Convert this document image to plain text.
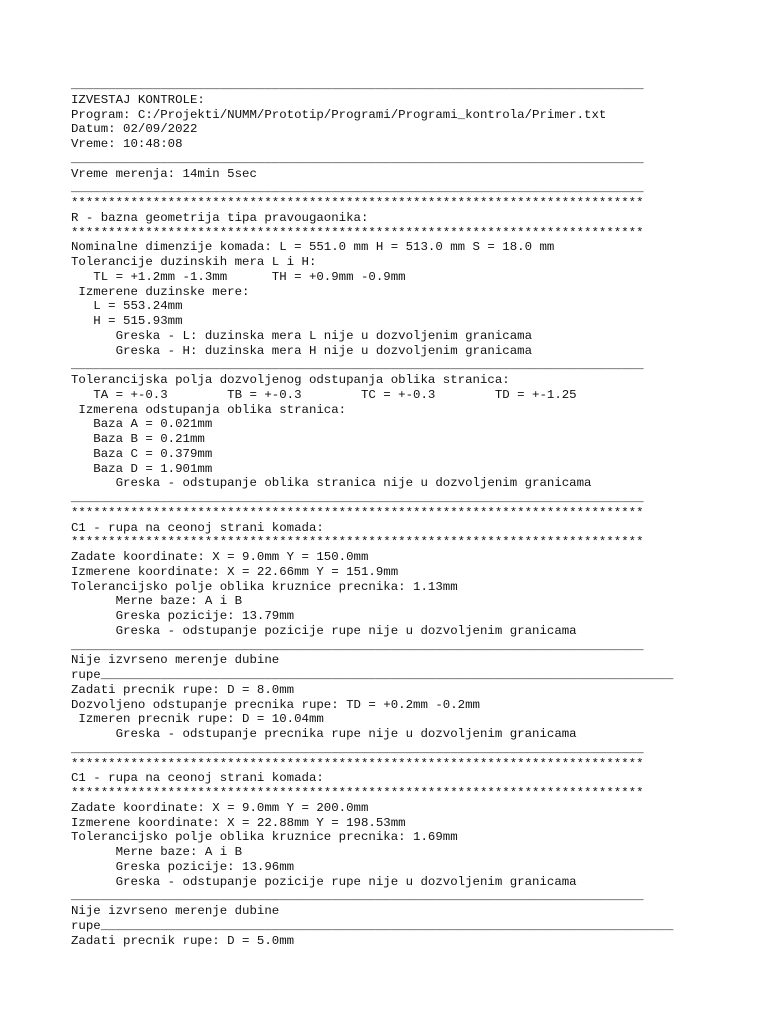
_____________________________________________________________________________
IZVESTAJ KONTROLE:
Program: C:/Projekti/NUMM/Prototip/Programi/Programi_kontrola/Primer.txt
Datum: 02/09/2022
Vreme: 10:48:08
_____________________________________________________________________________
Vreme merenja: 14min 5sec
_____________________________________________________________________________
*****************************************************************************
R - bazna geometrija tipa pravougaonika:
*****************************************************************************
Nominalne dimenzije komada: L = 551.0 mm H = 513.0 mm S = 18.0 mm
Tolerancije duzinskih mera L i H:
TL = +1.2mm -1.3mm      TH = +0.9mm -0.9mm
Izmerene duzinske mere:
L = 553.24mm
H = 515.93mm
Greska - L: duzinska mera L nije u dozvoljenim granicama
Greska - H: duzinska mera H nije u dozvoljenim granicama
_____________________________________________________________________________
Tolerancijska polja dozvoljenog odstupanja oblika stranica:
TA = +-0.3        TB = +-0.3        TC = +-0.3        TD = +-1.25
Izmerena odstupanja oblika stranica:
Baza A = 0.021mm
Baza B = 0.21mm
Baza C = 0.379mm
Baza D = 1.901mm
Greska - odstupanje oblika stranica nije u dozvoljenim granicama
_____________________________________________________________________________
*****************************************************************************
C1 - rupa na ceonoj strani komada:
*****************************************************************************
Zadate koordinate: X = 9.0mm Y = 150.0mm
Izmerene koordinate: X = 22.66mm Y = 151.9mm
Tolerancijsko polje oblika kruznice precnika: 1.13mm
Merne baze: A i B
Greska pozicije: 13.79mm
Greska - odstupanje pozicije rupe nije u dozvoljenim granicama
_____________________________________________________________________________
Nije izvrseno merenje dubine
rupe_____________________________________________________________________________
Zadati precnik rupe: D = 8.0mm
Dozvoljeno odstupanje precnika rupe: TD = +0.2mm -0.2mm
Izmeren precnik rupe: D = 10.04mm
Greska - odstupanje precnika rupe nije u dozvoljenim granicama
_____________________________________________________________________________
*****************************************************************************
C1 - rupa na ceonoj strani komada:
*****************************************************************************
Zadate koordinate: X = 9.0mm Y = 200.0mm
Izmerene koordinate: X = 22.88mm Y = 198.53mm
Tolerancijsko polje oblika kruznice precnika: 1.69mm
Merne baze: A i B
Greska pozicije: 13.96mm
Greska - odstupanje pozicije rupe nije u dozvoljenim granicama
_____________________________________________________________________________
Nije izvrseno merenje dubine
rupe_____________________________________________________________________________
Zadati precnik rupe: D = 5.0mm
